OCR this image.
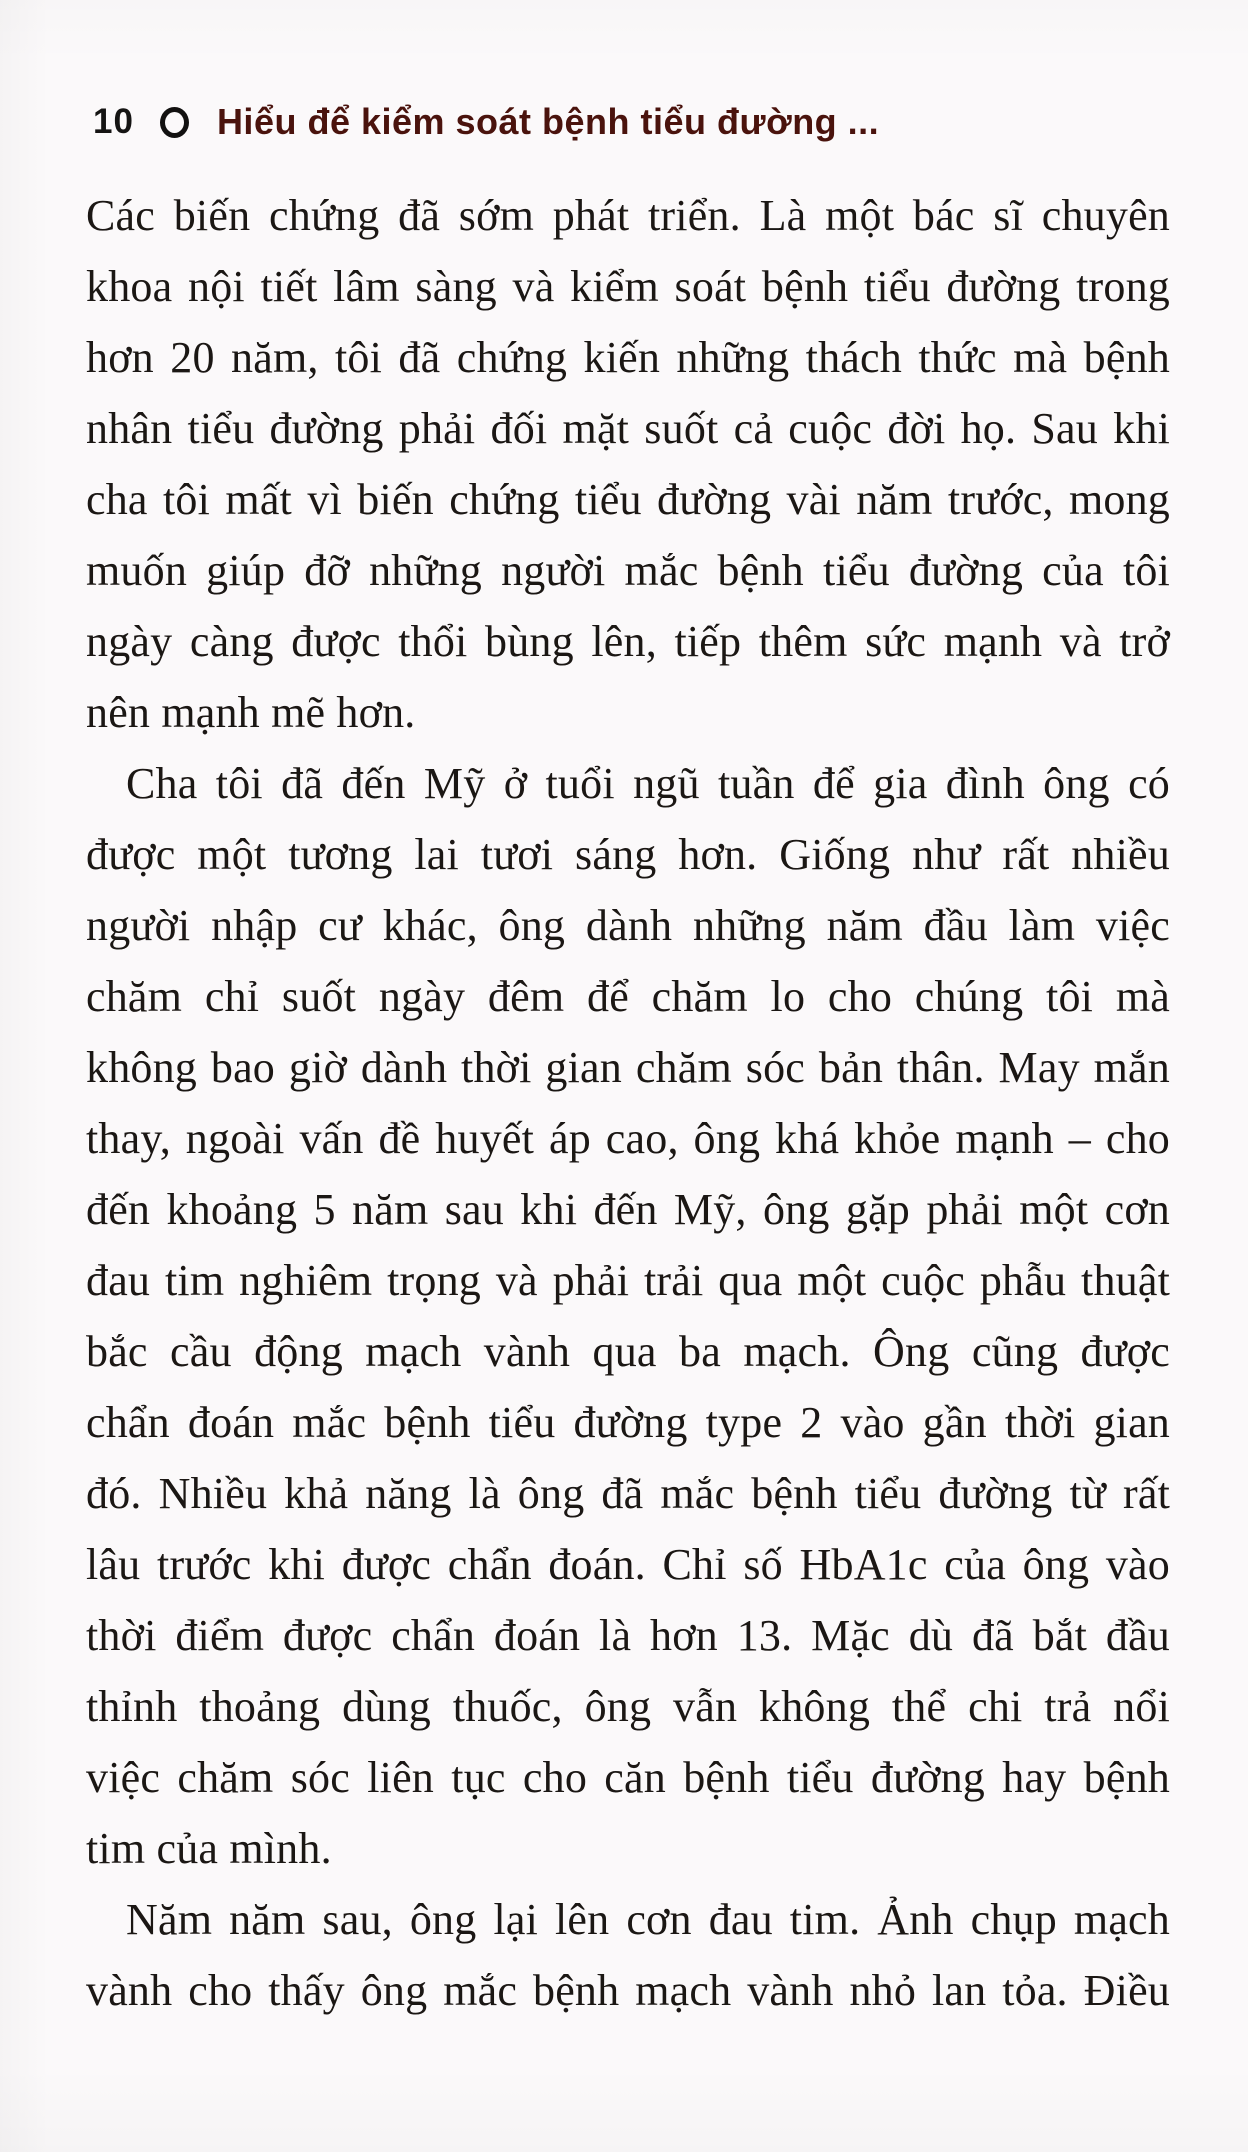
10 Hiểu để kiểm soát bệnh tiểu đường ...
Các biến chứng đã sớm phát triển. Là một bác sĩ chuyên
khoa nội tiết lâm sàng và kiểm soát bệnh tiểu đường trong
hơn 20 năm, tôi đã chứng kiến những thách thức mà bệnh
nhân tiểu đường phải đối mặt suốt cả cuộc đời họ. Sau khi
cha tôi mất vì biến chứng tiểu đường vài năm trước, mong
muốn giúp đỡ những người mắc bệnh tiểu đường của tôi
ngày càng được thổi bùng lên, tiếp thêm sức mạnh và trở
nên mạnh mẽ hơn.
Cha tôi đã đến Mỹ ở tuổi ngũ tuần để gia đình ông có
được một tương lai tươi sáng hơn. Giống như rất nhiều
người nhập cư khác, ông dành những năm đầu làm việc
chăm chỉ suốt ngày đêm để chăm lo cho chúng tôi mà
không bao giờ dành thời gian chăm sóc bản thân. May mắn
thay, ngoài vấn đề huyết áp cao, ông khá khỏe mạnh – cho
đến khoảng 5 năm sau khi đến Mỹ, ông gặp phải một cơn
đau tim nghiêm trọng và phải trải qua một cuộc phẫu thuật
bắc cầu động mạch vành qua ba mạch. Ông cũng được
chẩn đoán mắc bệnh tiểu đường type 2 vào gần thời gian
đó. Nhiều khả năng là ông đã mắc bệnh tiểu đường từ rất
lâu trước khi được chẩn đoán. Chỉ số HbA1c của ông vào
thời điểm được chẩn đoán là hơn 13. Mặc dù đã bắt đầu
thỉnh thoảng dùng thuốc, ông vẫn không thể chi trả nổi
việc chăm sóc liên tục cho căn bệnh tiểu đường hay bệnh
tim của mình.
Năm năm sau, ông lại lên cơn đau tim. Ảnh chụp mạch
vành cho thấy ông mắc bệnh mạch vành nhỏ lan tỏa. Điều
